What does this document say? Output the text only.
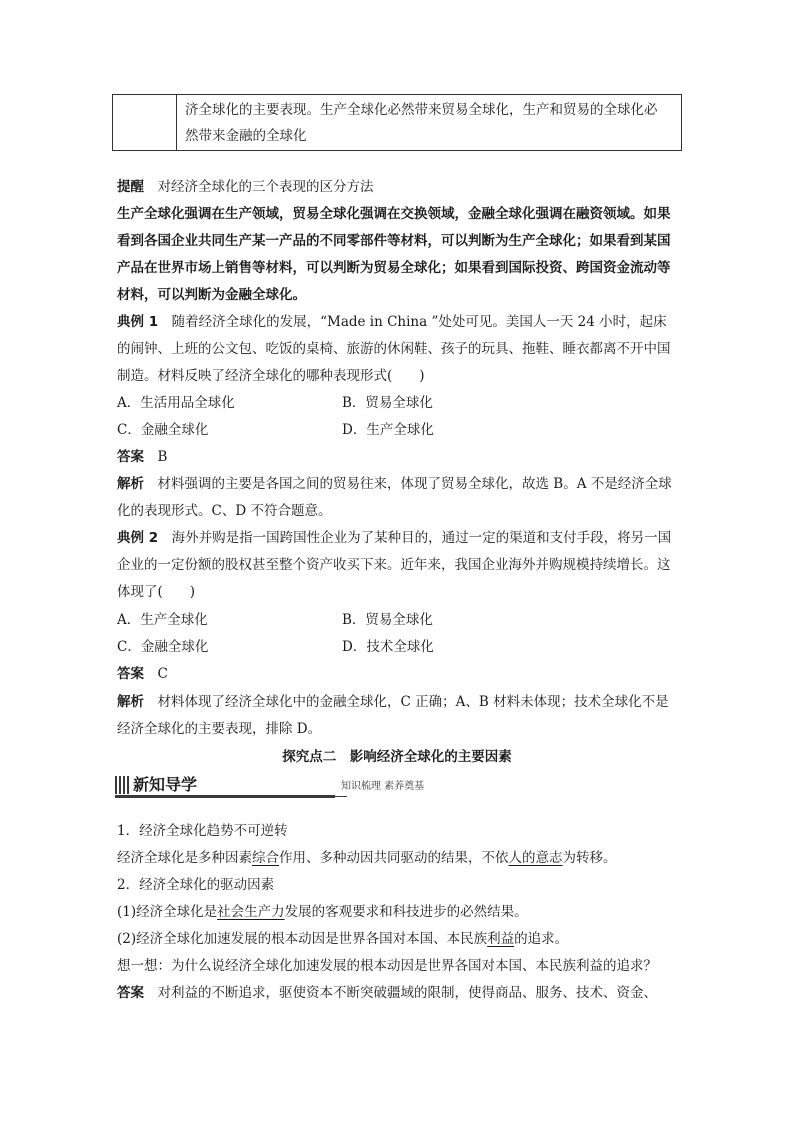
济全球化的主要表现。生产全球化必然带来贸易全球化，生产和贸易的全球化必
然带来金融的全球化

提醒　 对经济全球化的三个表现的区分方法

生产全球化强调在生产领域，贸易全球化强调在交换领域，金融全球化强调在融资领域。如果看到各国企业共同生产某一产品的不同零部件等材料，可以判断为生产全球化；如果看到某国产品在世界市场上销售等材料，可以判断为贸易全球化；如果看到国际投资、跨国资金流动等材料，可以判断为金融全球化。

典例 1　 随着经济全球化的发展，“Made in China ”处处可见。美国人一天 24 小时，起床的闹钟、上班的公文包、吃饭的桌椅、旅游的休闲鞋、孩子的玩具、拖鞋、睡衣都离不开中国制造。材料反映了经济全球化的哪种表现形式(　　)

A．生活用品全球化	B．贸易全球化
C．金融全球化	D．生产全球化

答案　 B

解析　 材料强调的主要是各国之间的贸易往来，体现了贸易全球化，故选 B。A 不是经济全球化的表现形式。C、D 不符合题意。

典例 2　 海外并购是指一国跨国性企业为了某种目的，通过一定的渠道和支付手段，将另一国企业的一定份额的股权甚至整个资产收买下来。近年来，我国企业海外并购规模持续增长。这体现了(　　)

A．生产全球化	B．贸易全球化
C．金融全球化	D．技术全球化

答案　 C

解析　 材料体现了经济全球化中的金融全球化，C 正确；A、B 材料未体现；技术全球化不是经济全球化的主要表现，排除 D。

探究点二　影响经济全球化的主要因素
新知导学	知识梳理 素养奠基

1．经济全球化趋势不可逆转

经济全球化是多种因素综合作用、多种动因共同驱动的结果，不依人的意志为转移。

2．经济全球化的驱动因素

(1)经济全球化是社会生产力发展的客观要求和科技进步的必然结果。

(2)经济全球化加速发展的根本动因是世界各国对本国、本民族利益的追求。

想一想：为什么说经济全球化加速发展的根本动因是世界各国对本国、本民族利益的追求？

答案　 对利益的不断追求，驱使资本不断突破疆域的限制，使得商品、服务、技术、资金、
